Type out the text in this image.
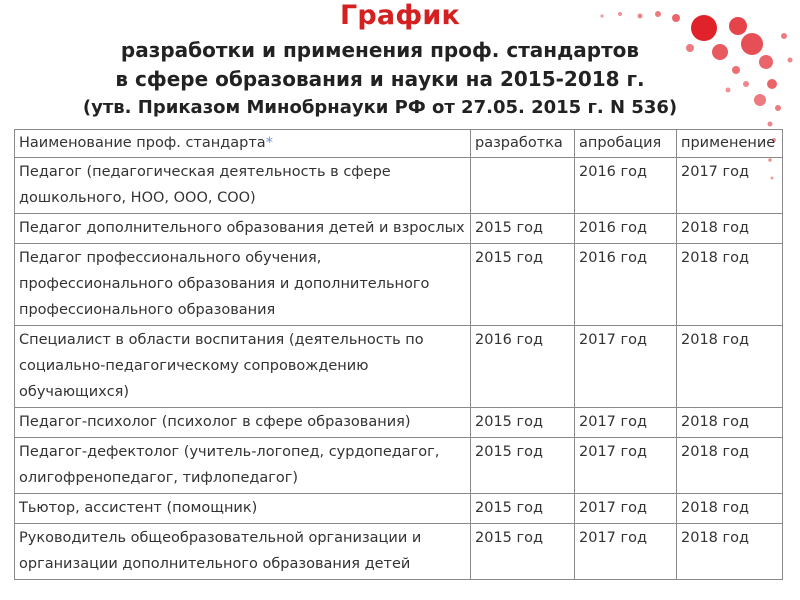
График
разработки и применения проф. стандартов
в сфере образования и науки на 2015-2018 г.
(утв. Приказом Минобрнауки РФ от 27.05. 2015 г. N 536)
Наименование проф. стандарта*	разработка	апробация	применение
Педагог (педагогическая деятельность в сфере дошкольного, НОО, ООО, СОО)		2016 год	2017 год
Педагог дополнительного образования детей и взрослых	2015 год	2016 год	2018 год
Педагог профессионального обучения, профессионального образования и дополнительного профессионального образования	2015 год	2016 год	2018 год
Специалист в области воспитания (деятельность по социально-педагогическому сопровождению обучающихся)	2016 год	2017 год	2018 год
Педагог-психолог (психолог в сфере образования)	2015 год	2017 год	2018 год
Педагог-дефектолог (учитель-логопед, сурдопедагог, олигофренопедагог, тифлопедагог)	2015 год	2017 год	2018 год
Тьютор, ассистент (помощник)	2015 год	2017 год	2018 год
Руководитель общеобразовательной организации и организации дополнительного образования детей	2015 год	2017 год	2018 год
